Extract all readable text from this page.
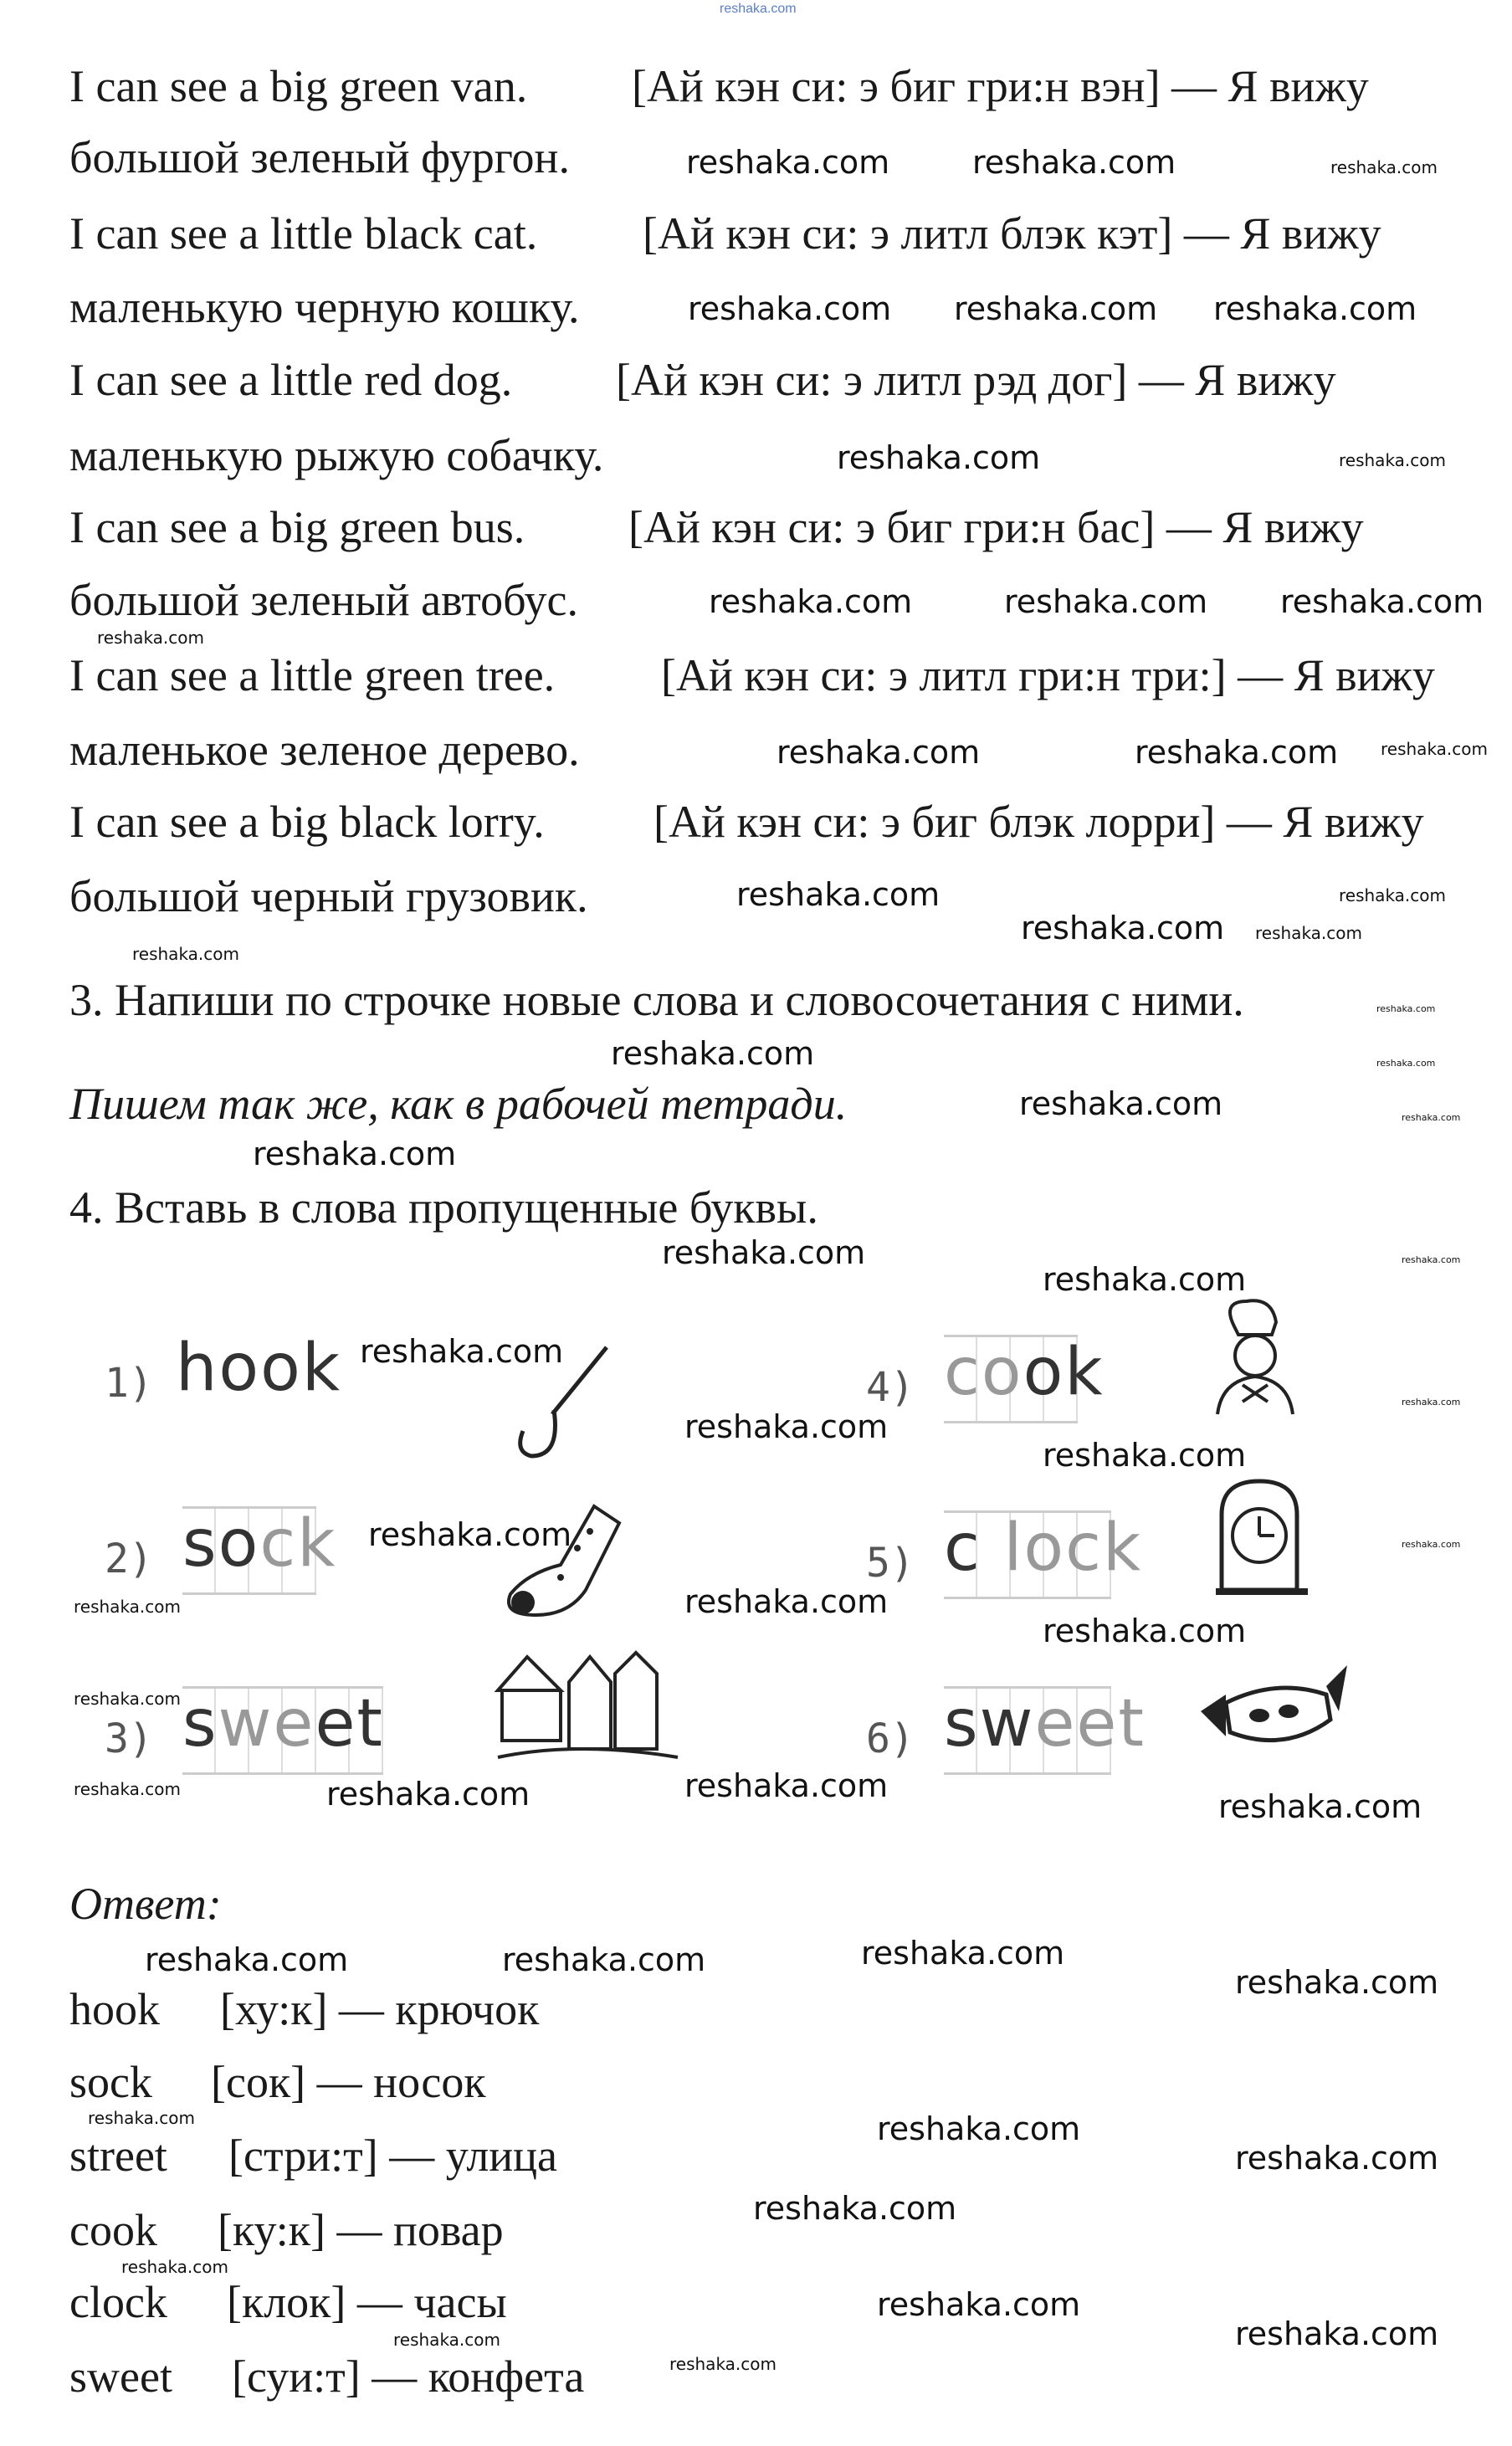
reshaka.com
I can see a big green van. [Ай кэн си: э биг гри:н вэн] — Я вижу
большой зеленый фургон.
I can see a little black cat. [Ай кэн си: э литл блэк кэт] — Я вижу
маленькую черную кошку.
I can see a little red dog. [Ай кэн си: э литл рэд дог] — Я вижу
маленькую рыжую собачку.
I can see a big green bus. [Ай кэн си: э биг гри:н бас] — Я вижу
большой зеленый автобус.
I can see a little green tree. [Ай кэн си: э литл гри:н три:] — Я вижу
маленькое зеленое дерево.
I can see a big black lorry. [Ай кэн си: э биг блэк лорри] — Я вижу
большой черный грузовик.
3. Напиши по строчке новые слова и словосочетания с ними.
Пишем так же, как в рабочей тетради.
4. Вставь в слова пропущенные буквы.
1) hook
2) sock
3) sweet
4) cook
5) c lock
6) sweet
Ответ:
hook [ху:к] — крючок
sock [сок] — носок
street [стри:т] — улица
cook [ку:к] — повар
clock [клок] — часы
sweet [суи:т] — конфета
reshaka.com	reshaka.com	reshaka.com
reshaka.com
reshaka.com reshaka.com
reshaka.com	reshaka.com
reshaka.com	reshaka.com
reshaka.com
reshaka.com
reshaka.com
reshaka.com	reshaka.com
reshaka.com
reshaka.com
reshaka.com reshaka.com
reshaka.com
reshaka.com
reshaka.com
reshaka.com
reshaka.com
reshaka.com
reshaka.com
reshaka.com
reshaka.com
reshaka.com
reshaka.com
reshaka.com
reshaka.com	reshaka.com
reshaka.com
reshaka.com
reshaka.com
reshaka.com
reshaka.com	reshaka.com	reshaka.com
reshaka.com
reshaka.com	reshaka.com
reshaka.com
reshaka.com
reshaka.com
reshaka.com
reshaka.com
reshaka.com
reshaka.com
reshaka.com
reshaka.com
reshaka.com
reshaka.com
reshaka.com
reshaka.com
